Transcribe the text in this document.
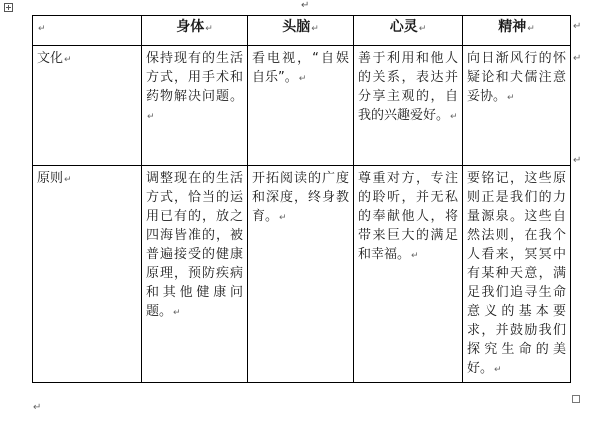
↵
↵	身体↵	头脑↵	心灵↵	精神↵
文化↵	保持现有的生活方式，用手术和药物解决问题。↵	看电视，“自娱自乐”。↵	善于利用和他人的关系，表达并分享主观的，自我的兴趣爱好。↵	向日渐风行的怀疑论和犬儒注意妥协。↵
原则↵	调整现在的生活方式，恰当的运用已有的，放之四海皆准的，被普遍接受的健康原理，预防疾病和其他健康问题。↵	开拓阅读的广度和深度，终身教育。↵	尊重对方，专注的聆听，并无私的奉献他人，将带来巨大的满足和幸福。↵	要铭记，这些原则正是我们的力量源泉。这些自然法则，在我个人看来，冥冥中有某种天意，满足我们追寻生命意义的基本要求，并鼓励我们探究生命的美好。↵
↵
↵
↵
↵
